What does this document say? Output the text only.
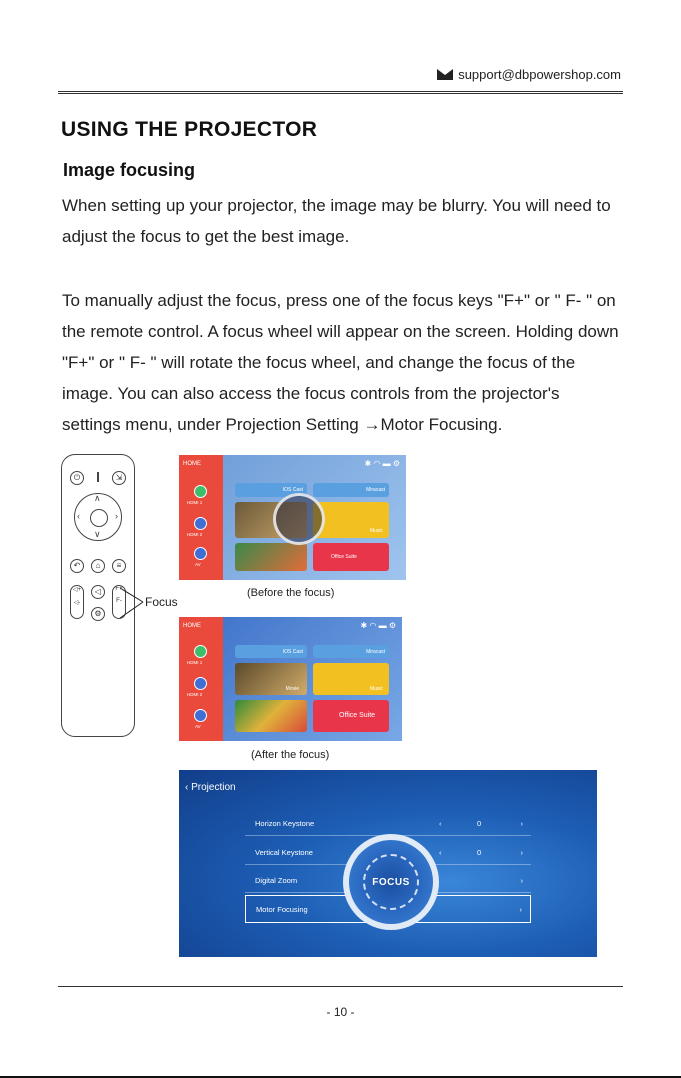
support@dbpowershop.com
USING THE PROJECTOR
Image focusing
When setting up your projector, the image may be blurry. You will need to adjust the focus to get the best image.
To manually adjust the focus, press one of the focus keys "F+" or " F- " on the remote control. A focus wheel will appear on the screen. Holding down "F+" or " F- " will rotate the focus wheel, and change the focus of the image. You can also access the focus controls from the projector's settings menu, under Projection Setting →Motor Focusing.
⏻	⇲
∧
∨
‹	›
↶	⌂	≡
◁+

◁-
◁
⚙
F+

F-	Focus
HOME
HDMI 1
HDMI 2
AV
✱ ◠ ▬ ⚙
IOS Cast	Miracast
Music
Office Suite
(Before the focus)
HOME
HDMI 1
HDMI 2
AV
✱ ◠ ▬ ⚙
IOS Cast	Miracast
Movie	Music
Office Suite
(After the focus)
‹ Projection
Horizon Keystone	‹	0	›
Vertical Keystone	‹	0	›
Digital Zoom	›
Motor Focusing	›
FOCUS
- 10 -
